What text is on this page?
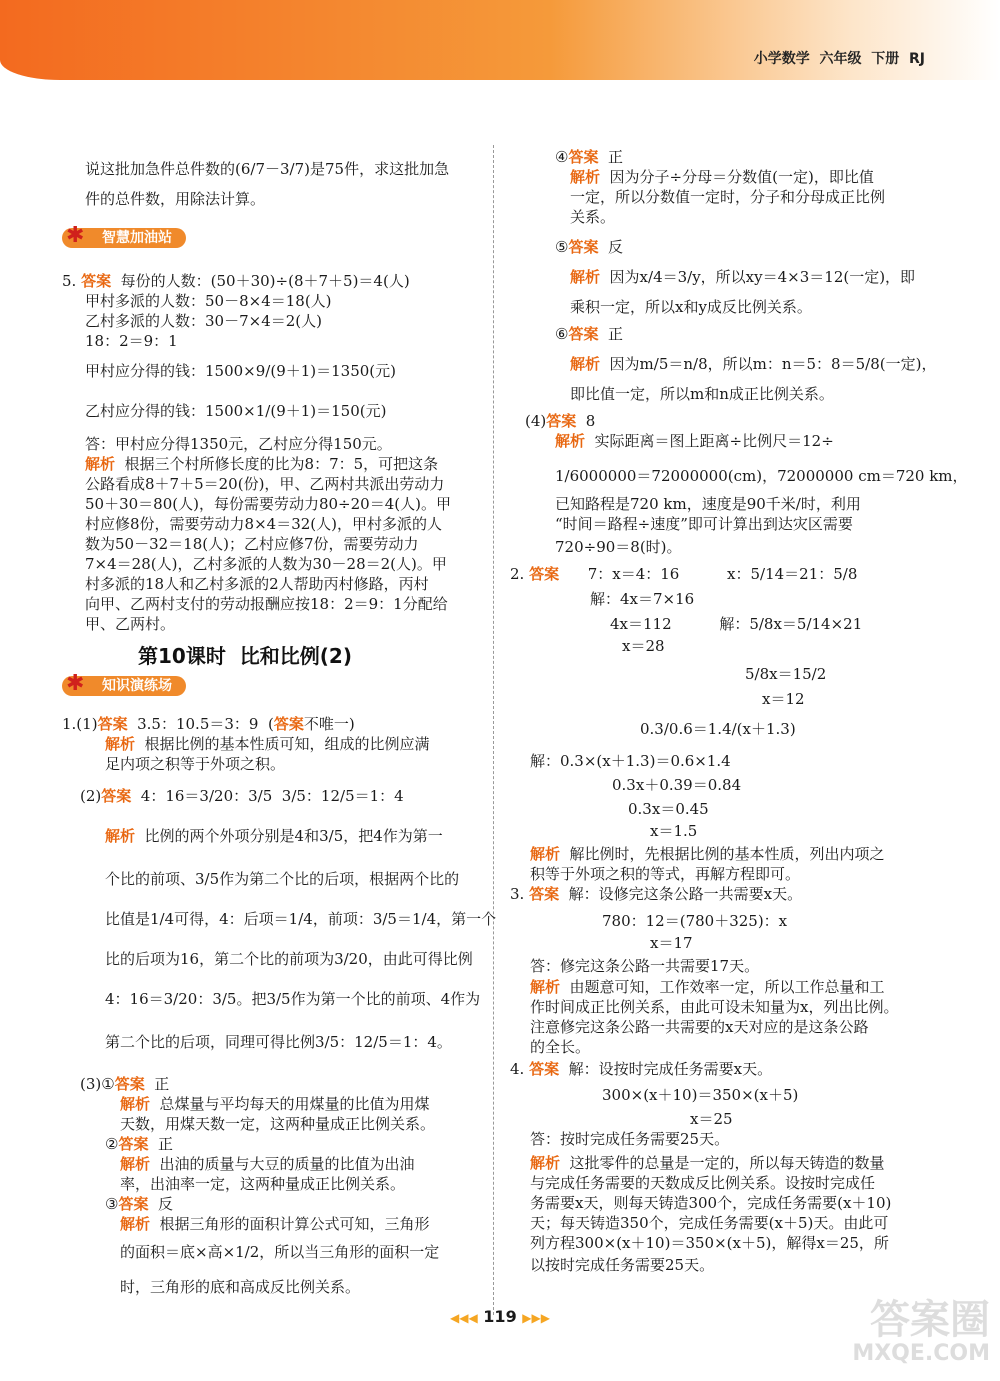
小学数学  六年级  下册  RJ
✱ 智慧加油站
第10课时  比和比例(2)
✱ 知识演练场
说这批加急件总件数的(6/7－3/7)是75件，求这批加急
件的总件数，用除法计算。
5. 答案  每份的人数：(50＋30)÷(8＋7＋5)＝4(人)
甲村多派的人数：50－8×4＝18(人)
乙村多派的人数：30－7×4＝2(人)
18：2＝9：1
甲村应分得的钱：1500×9/(9＋1)＝1350(元)
乙村应分得的钱：1500×1/(9＋1)＝150(元)
答：甲村应分得1350元，乙村应分得150元。
解析  根据三个村所修长度的比为8：7：5，可把这条
公路看成8＋7＋5＝20(份)，甲、乙两村共派出劳动力
50＋30＝80(人)，每份需要劳动力80÷20＝4(人)。甲
村应修8份，需要劳动力8×4＝32(人)，甲村多派的人
数为50－32＝18(人)；乙村应修7份，需要劳动力
7×4＝28(人)，乙村多派的人数为30－28＝2(人)。甲
村多派的18人和乙村多派的2人帮助丙村修路，丙村
向甲、乙两村支付的劳动报酬应按18：2＝9：1分配给
甲、乙两村。
1.(1)答案  3.5：10.5＝3：9  (答案不唯一)
解析  根据比例的基本性质可知，组成的比例应满
足内项之积等于外项之积。
(2)答案  4：16＝3/20：3/5  3/5：12/5＝1：4
解析  比例的两个外项分别是4和3/5，把4作为第一
个比的前项、3/5作为第二个比的后项，根据两个比的
比值是1/4可得，4：后项＝1/4，前项：3/5＝1/4，第一个
比的后项为16，第二个比的前项为3/20，由此可得比例
4：16＝3/20：3/5。把3/5作为第一个比的前项、4作为
第二个比的后项，同理可得比例3/5：12/5＝1：4。
(3)①答案  正
解析  总煤量与平均每天的用煤量的比值为用煤
天数，用煤天数一定，这两种量成正比例关系。
②答案  正
解析  出油的质量与大豆的质量的比值为出油
率，出油率一定，这两种量成正比例关系。
③答案  反
解析  根据三角形的面积计算公式可知，三角形
的面积＝底×高×1/2，所以当三角形的面积一定
时，三角形的底和高成反比例关系。
④答案  正
解析  因为分子÷分母＝分数值(一定)，即比值
一定，所以分数值一定时，分子和分母成正比例
关系。
⑤答案  反
解析  因为x/4＝3/y，所以xy＝4×3＝12(一定)，即
乘积一定，所以x和y成反比例关系。
⑥答案  正
解析  因为m/5＝n/8，所以m：n＝5：8＝5/8(一定)，
即比值一定，所以m和n成正比例关系。
(4)答案  8
解析  实际距离＝图上距离÷比例尺＝12÷
1/6000000＝72000000(cm)，72000000 cm＝720 km，
已知路程是720 km，速度是90千米/时，利用
“时间＝路程÷速度”即可计算出到达灾区需要
720÷90＝8(时)。
2. 答案      7：x＝4：16          x：5/14＝21：5/8
解：4x＝7×16
4x＝112          解：5/8x＝5/14×21
x＝28
5/8x＝15/2
x＝12
0.3/0.6＝1.4/(x＋1.3)
解：0.3×(x＋1.3)＝0.6×1.4
0.3x＋0.39＝0.84
0.3x＝0.45
x＝1.5
解析  解比例时，先根据比例的基本性质，列出内项之
积等于外项之积的等式，再解方程即可。
3. 答案  解：设修完这条公路一共需要x天。
780：12＝(780＋325)：x
x＝17
答：修完这条公路一共需要17天。
解析  由题意可知，工作效率一定，所以工作总量和工
作时间成正比例关系，由此可设未知量为x，列出比例。
注意修完这条公路一共需要的x天对应的是这条公路
的全长。
4. 答案  解：设按时完成任务需要x天。
300×(x＋10)＝350×(x＋5)
x＝25
答：按时完成任务需要25天。
解析  这批零件的总量是一定的，所以每天铸造的数量
与完成任务需要的天数成反比例关系。设按时完成任
务需要x天，则每天铸造300个，完成任务需要(x＋10)
天；每天铸造350个，完成任务需要(x＋5)天。由此可
列方程300×(x＋10)＝350×(x＋5)，解得x＝25，所
以按时完成任务需要25天。
◀◀◀ 119 ▶▶▶	答案圈
MXQE.COM
